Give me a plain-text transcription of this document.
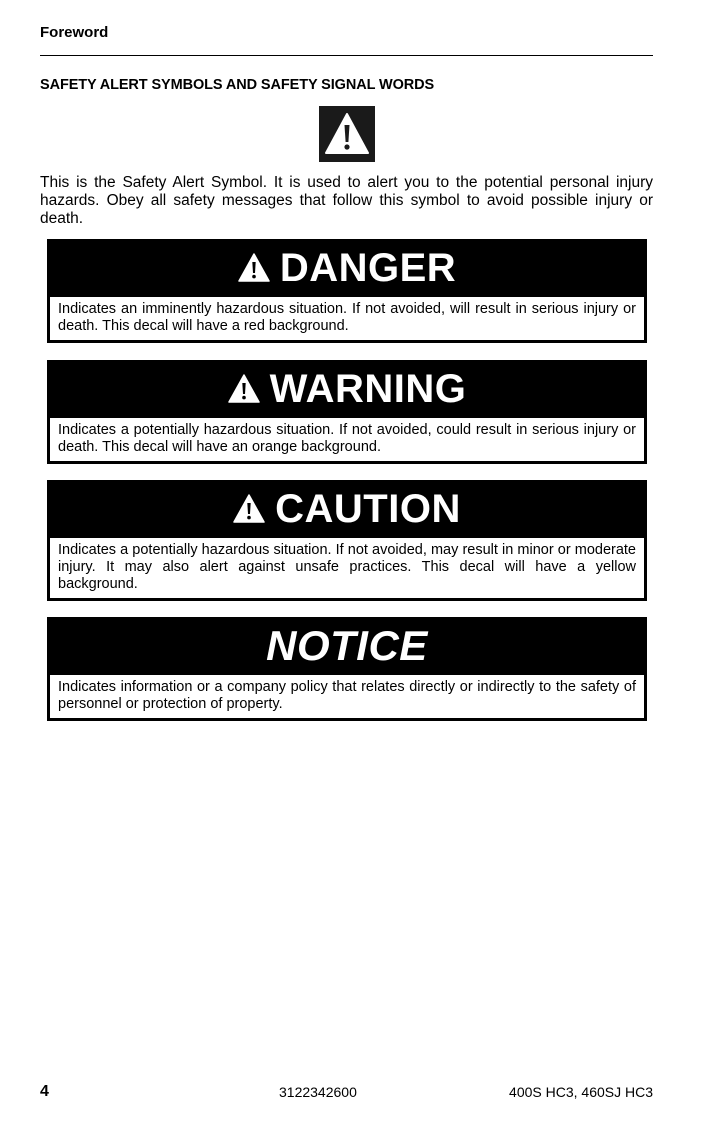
Foreword
SAFETY ALERT SYMBOLS AND SAFETY SIGNAL WORDS
This is the Safety Alert Symbol. It is used to alert you to the potential personal injury hazards. Obey all safety messages that follow this symbol to avoid possible injury or death.
DANGER
Indicates an imminently hazardous situation. If not avoided, will result in serious injury or death. This decal will have a red background.
WARNING
Indicates a potentially hazardous situation. If not avoided, could result in serious injury or death. This decal will have an orange background.
CAUTION
Indicates a potentially hazardous situation. If not avoided, may result in minor or moderate injury. It may also alert against unsafe practices. This decal will have a yellow background.
NOTICE
Indicates information or a company policy that relates directly or indirectly to the safety of personnel or protection of property.
4	3122342600	400S HC3, 460SJ HC3
